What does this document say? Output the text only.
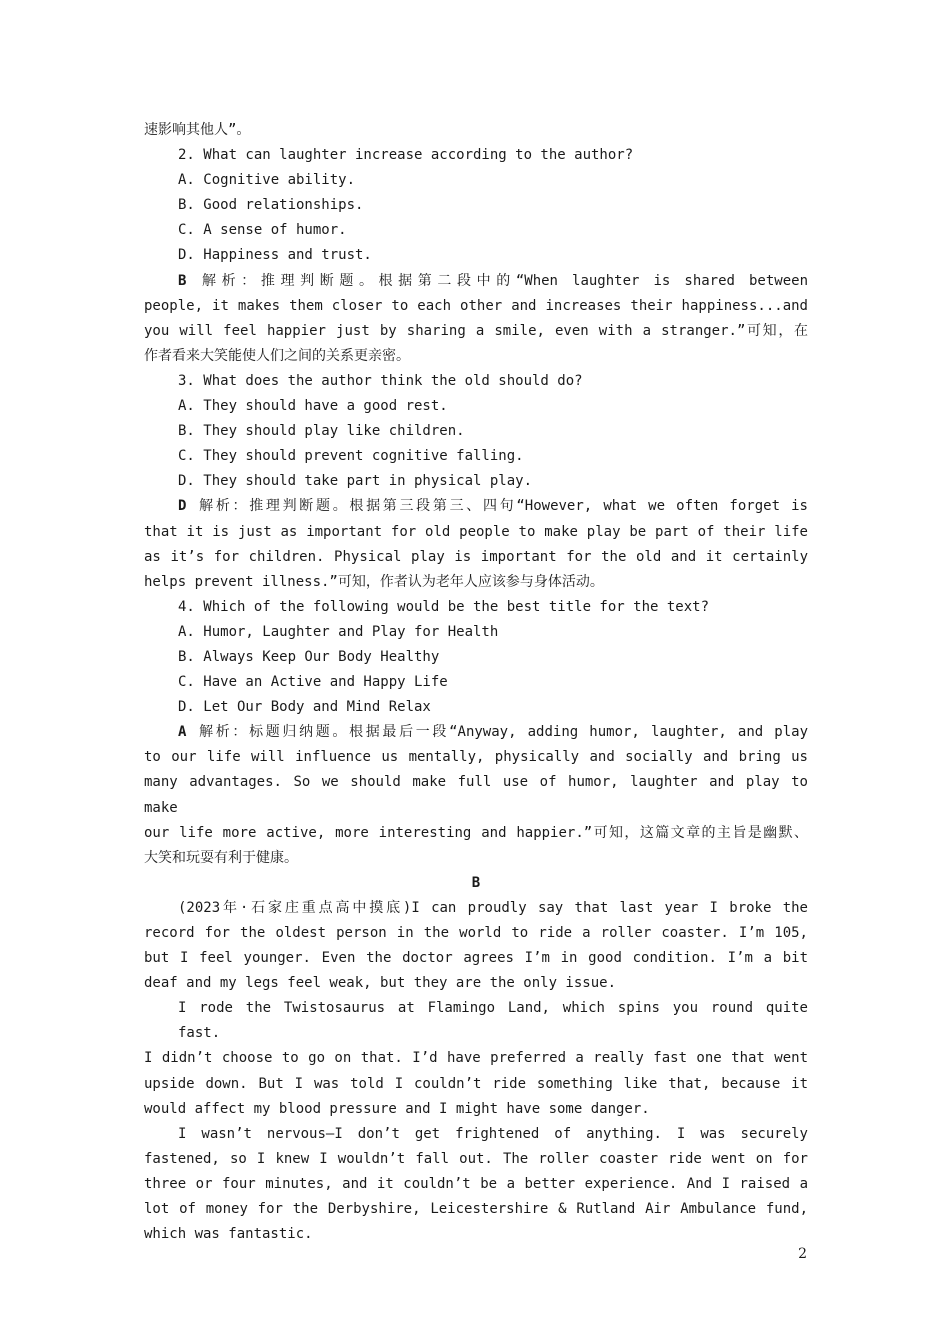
速影响其他人”。
2. What can laughter increase according to the author?
A. Cognitive ability.
B. Good relationships.
C. A sense of humor.
D. Happiness and trust.
B 解析：推理判断题。根据第二段中的“When laughter is shared between
people, it makes them closer to each other and increases their happiness...and
you will feel happier just by sharing a smile, even with a stranger.”可知，在
作者看来大笑能使人们之间的关系更亲密。
3. What does the author think the old should do?
A. They should have a good rest.
B. They should play like children.
C. They should prevent cognitive falling.
D. They should take part in physical play.
D 解析：推理判断题。根据第三段第三、四句“However, what we often forget is
that it is just as important for old people to make play be part of their life
as it’s for children. Physical play is important for the old and it certainly
helps prevent illness.”可知，作者认为老年人应该参与身体活动。
4. Which of the following would be the best title for the text?
A. Humor, Laughter and Play for Health
B. Always Keep Our Body Healthy
C. Have an Active and Happy Life
D. Let Our Body and Mind Relax
A 解析：标题归纳题。根据最后一段“Anyway, adding humor, laughter, and play
to our life will influence us mentally, physically and socially and bring us
many advantages. So we should make full use of humor, laughter and play to make
our life more active, more interesting and happier.”可知，这篇文章的主旨是幽默、
大笑和玩耍有利于健康。
B
(2023年·石家庄重点高中摸底)I can proudly say that last year I broke the
record for the oldest person in the world to ride a roller coaster. I’m 105,
but I feel younger. Even the doctor agrees I’m in good condition. I’m a bit
deaf and my legs feel weak, but they are the only issue.
I rode the Twistosaurus at Flamingo Land, which spins you round quite fast.
I didn’t choose to go on that. I’d have preferred a really fast one that went
upside down. But I was told I couldn’t ride something like that, because it
would affect my blood pressure and I might have some danger.
I wasn’t nervous—I don’t get frightened of anything. I was securely
fastened, so I knew I wouldn’t fall out. The roller coaster ride went on for
three or four minutes, and it couldn’t be a better experience. And I raised a
lot of money for the Derbyshire, Leicestershire & Rutland Air Ambulance fund,
which was fantastic.
2
